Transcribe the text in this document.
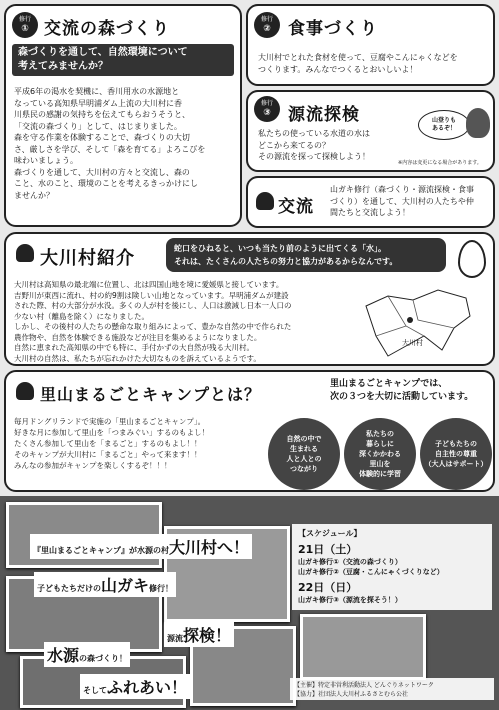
修行
① 交流の森づくり
森づくりを通して、自然環境について
考えてみませんか？
平成6年の渇水を契機に、香川用水の水源地と
なっている高知県早明浦ダム上流の大川村に香
川県民の感謝の気持ちを伝えてもらおうそうと、
「交流の森づくり」として、はじまりました。
森を守る作業を体験することで、森づくりの大切
さ、厳しさを学び、そして「森を育てる」よろこびを
味わいましょう。
森づくりを通して、大川村の方々と交流し、森の
こと、水のこと、環境のことを考えるきっかけにし
ませんか？
修行
②	食事づくり
大川村でとれた食材を使って、豆腐やこんにゃくなどを
つくります。みんなでつくるとおいしいよ！
修行
③	源流探検
私たちの使っている水道の水は
どこから来てるの？
その源流を探って探検しよう！
山登りも
あるぞ！
※内容は変更になる場合があります。
交流
山ガキ修行（森づくり・源流探検・食事
づくり）を通して、大川村の人たちや仲
間たちと交流しよう！
大川村紹介	蛇口をひねると、いつも当たり前のように出てくる「水」。
それは、たくさんの人たちの努力と協力があるからなんです。
大川村は高知県の最北端に位置し、北は四国山地を境に愛媛県と接しています。
吉野川が東西に流れ、村の約9割は険しい山地となっています。早明浦ダムが建設
された際、村の大部分が水没。多くの人が村を後にし、人口は激減し日本一人口の
少ない村（離島を除く）になりました。
しかし、その後村の人たちの懸命な取り組みによって、豊かな自然の中で作られた
農作物や、自然を体験できる施設などが注目を集めるようになりました。
自然に恵まれた高知県の中でも特に、手付かずの大自然が残る大川村。
大川村の自然は、私たちが忘れかけた大切なものを訴えているようです。
大川村
里山まるごとキャンプとは？
里山まるごとキャンプでは、
次の３つを大切に活動しています。
毎月ドングリランドで実施の「里山まるごとキャンプ」。
好きな月に参加して里山を「つまみぐい」するのもよし！
たくさん参加して里山を「まるごと」するのもよし！！
そのキャンプが大川村に「まるごと」やって来ます！！
みんなの参加がキャンプを楽しくするぞ！！！
自然の中で
生まれる
人と人との
つながり
私たちの
暮らしに
深くかかわる
里山を
体験的に学習
子どもたちの
自主性の尊重
（大人はサポート）
『里山まるごとキャンプ』が水源の村大川村へ！
子どもたちだけの山ガキ修行！
源流探検！
水源の森づくり！
そしてふれあい！
【スケジュール】
21日（土）
山ガキ修行①（交流の森づくり）
山ガキ修行②（豆腐・こんにゃくづくりなど）
22日（日）
山ガキ修行③（源流を探そう！）
【主催】特定非営利活動法人 どんぐりネットワーク
【協力】社団法人大川村ふるさとむら公社
